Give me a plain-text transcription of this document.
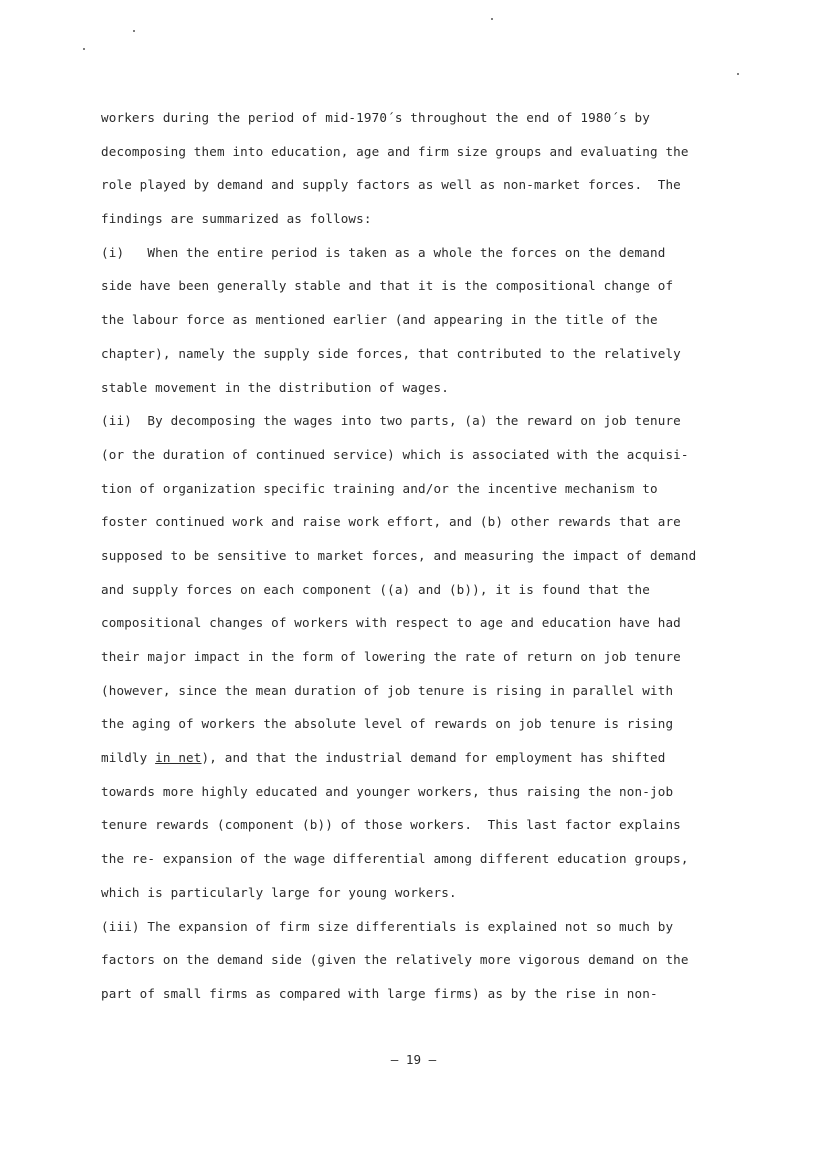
workers during the period of mid-1970´s throughout the end of 1980´s by
decomposing them into education, age and firm size groups and evaluating the
role played by demand and supply factors as well as non-market forces.  The
findings are summarized as follows:
(i)   When the entire period is taken as a whole the forces on the demand
side have been generally stable and that it is the compositional change of
the labour force as mentioned earlier (and appearing in the title of the
chapter), namely the supply side forces, that contributed to the relatively
stable movement in the distribution of wages.
(ii)  By decomposing the wages into two parts, (a) the reward on job tenure
(or the duration of continued service) which is associated with the acquisi-
tion of organization specific training and/or the incentive mechanism to
foster continued work and raise work effort, and (b) other rewards that are
supposed to be sensitive to market forces, and measuring the impact of demand
and supply forces on each component ((a) and (b)), it is found that the
compositional changes of workers with respect to age and education have had
their major impact in the form of lowering the rate of return on job tenure
(however, since the mean duration of job tenure is rising in parallel with
the aging of workers the absolute level of rewards on job tenure is rising
mildly in net), and that the industrial demand for employment has shifted
towards more highly educated and younger workers, thus raising the non-job
tenure rewards (component (b)) of those workers.  This last factor explains
the re- expansion of the wage differential among different education groups,
which is particularly large for young workers.
(iii) The expansion of firm size differentials is explained not so much by
factors on the demand side (given the relatively more vigorous demand on the
part of small firms as compared with large firms) as by the rise in non-
– 19 –
